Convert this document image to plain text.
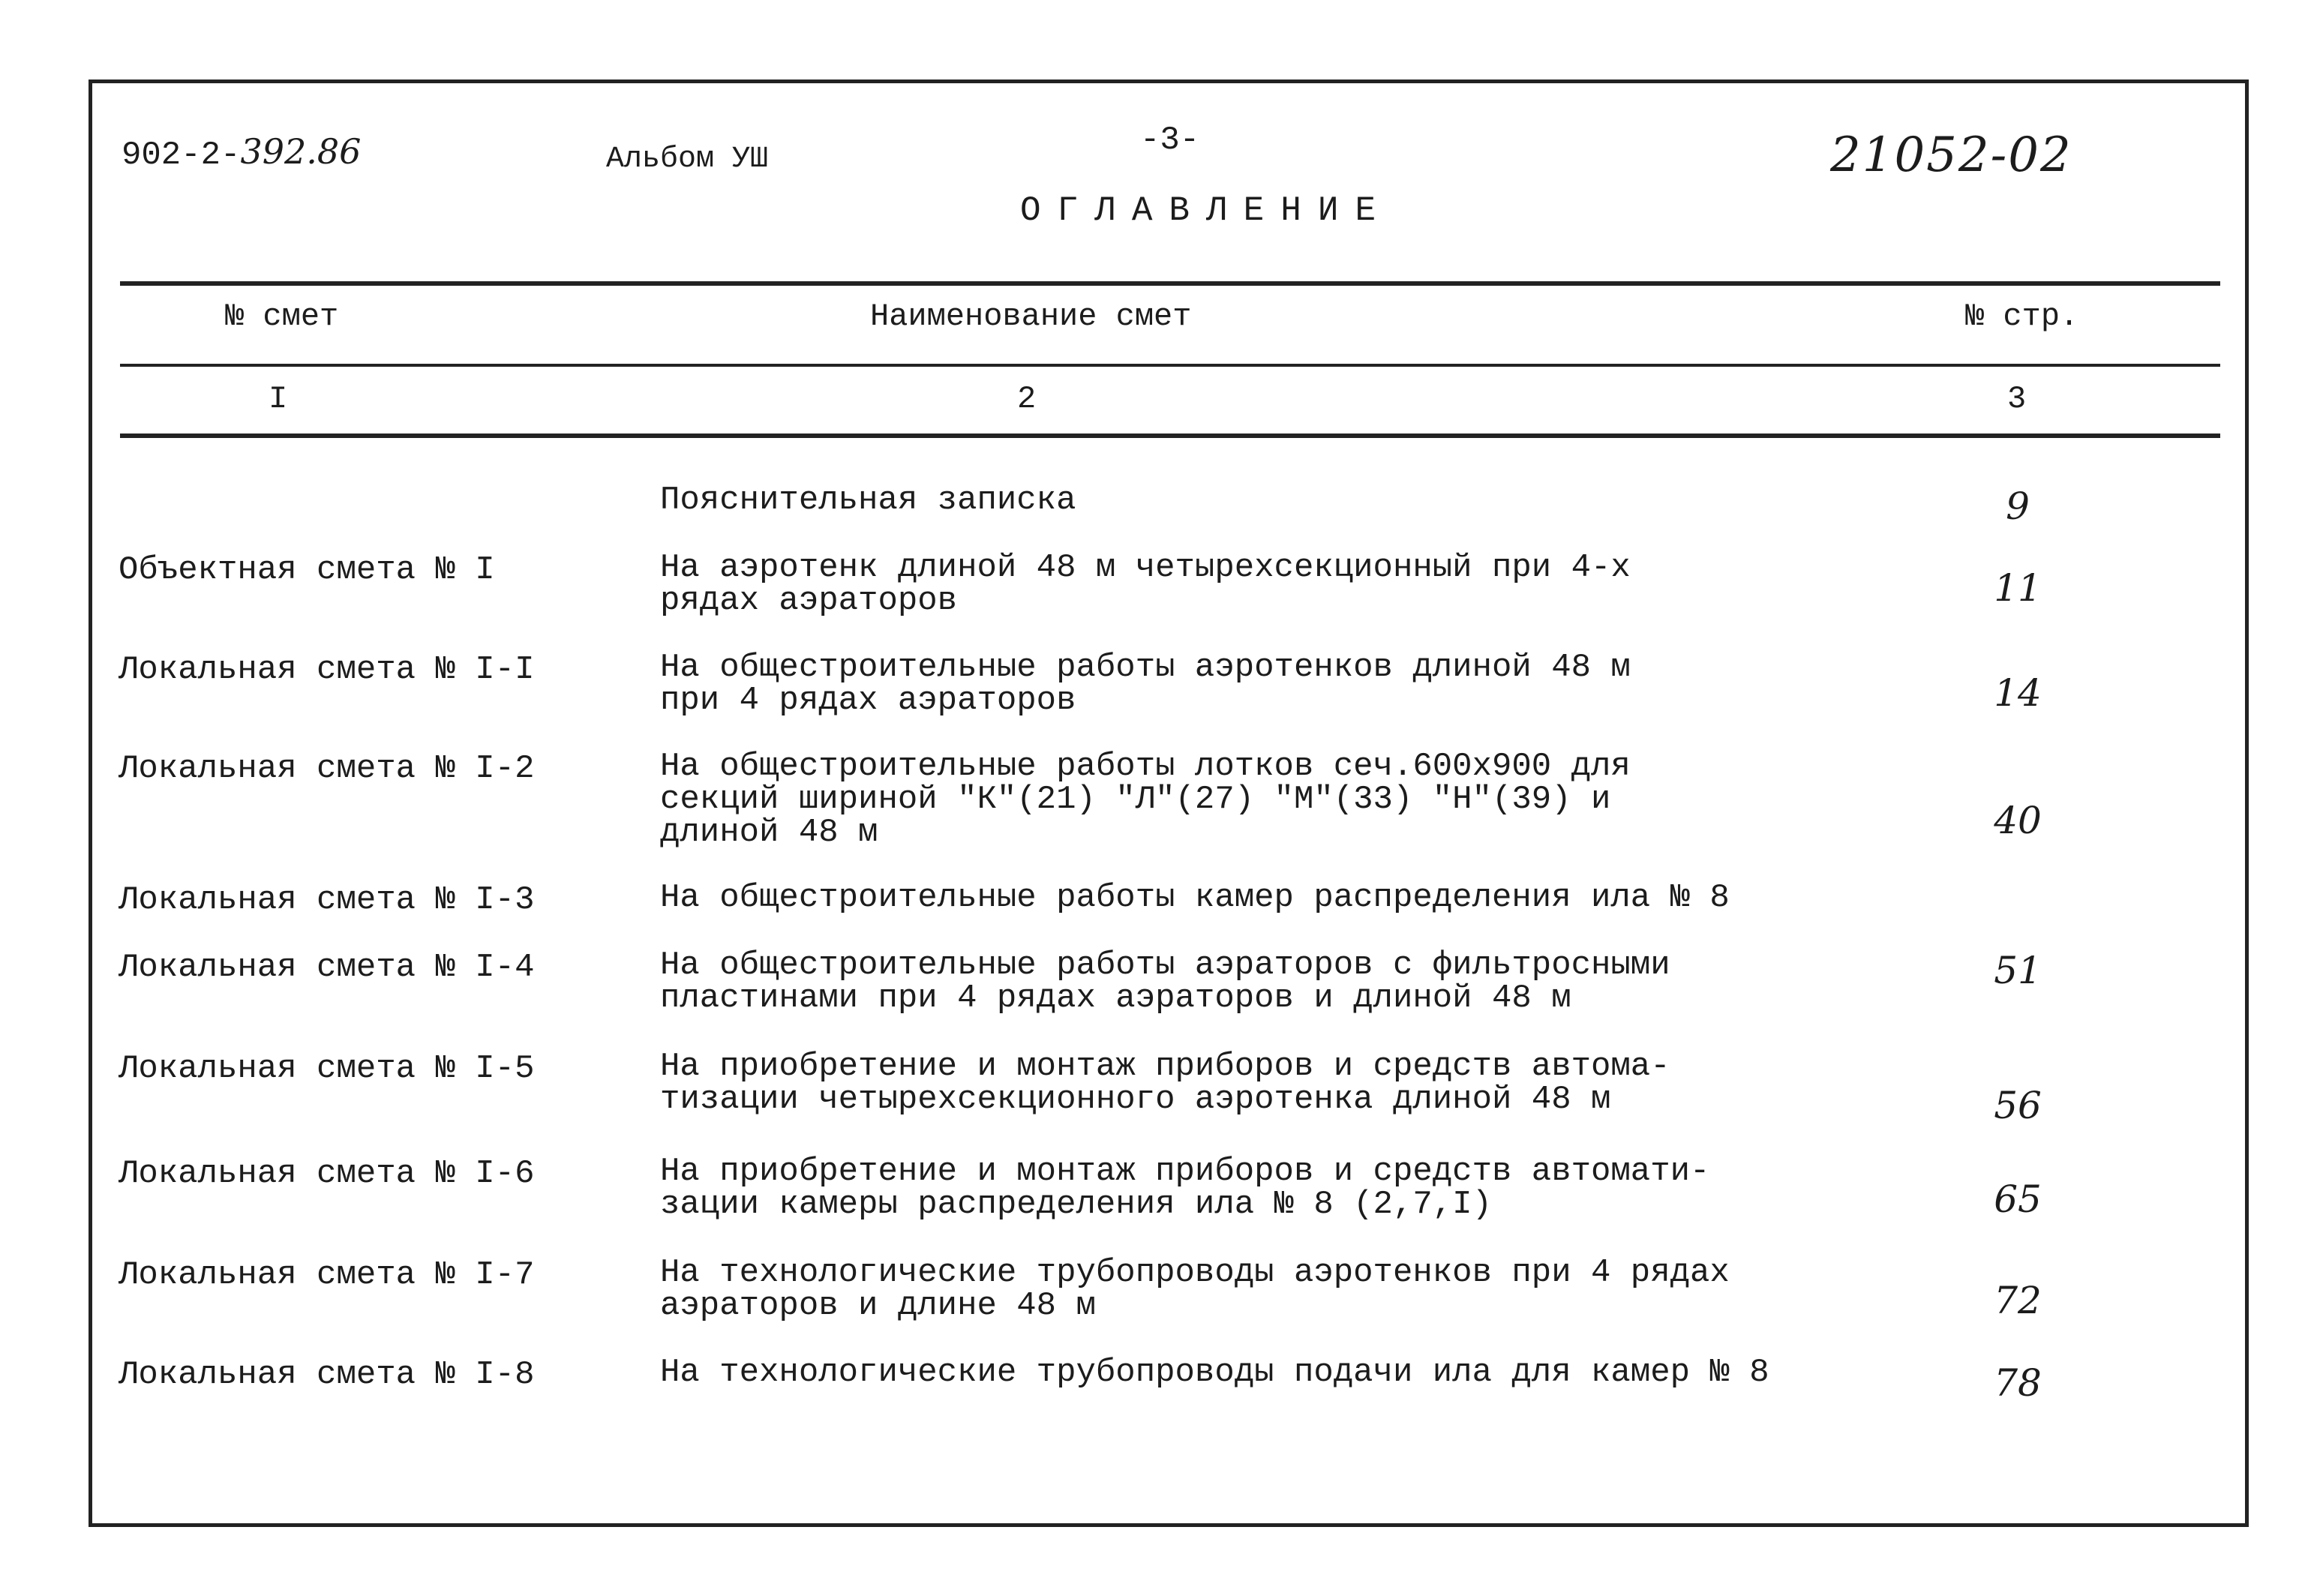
902-2-392.86	Альбом УШ
-3-	21052-02
ОГЛАВЛЕНИЕ
№ смет	Наименование смет	№ стр.
I	2	3
Пояснительная записка	9
Объектная смета № I	На аэротенк длиной 48 м четырехсекционный при 4-х
рядах аэраторов	11
Локальная смета № I-I	На общестроительные работы аэротенков длиной 48 м
при 4 рядах аэраторов	14
Локальная смета № I-2	На общестроительные работы лотков сеч.600х900 для
секций шириной "К"(21) "Л"(27) "М"(33) "Н"(39) и
длиной 48 м	40
Локальная смета № I-3	На общестроительные работы камер распределения ила № 8
Локальная смета № I-4	На общестроительные работы аэраторов с фильтросными
пластинами при 4 рядах аэраторов и длиной 48 м
51
Локальная смета № I-5	На приобретение и монтаж приборов и средств автома-
тизации четырехсекционного аэротенка длиной 48 м	56
Локальная смета № I-6	На приобретение и монтаж приборов и средств автомати-
зации камеры распределения ила № 8 (2,7,I)	65
Локальная смета № I-7	На технологические трубопроводы аэротенков при 4 рядах
аэраторов и длине 48 м	72
Локальная смета № I-8	На технологические трубопроводы подачи ила для камер № 8	78
